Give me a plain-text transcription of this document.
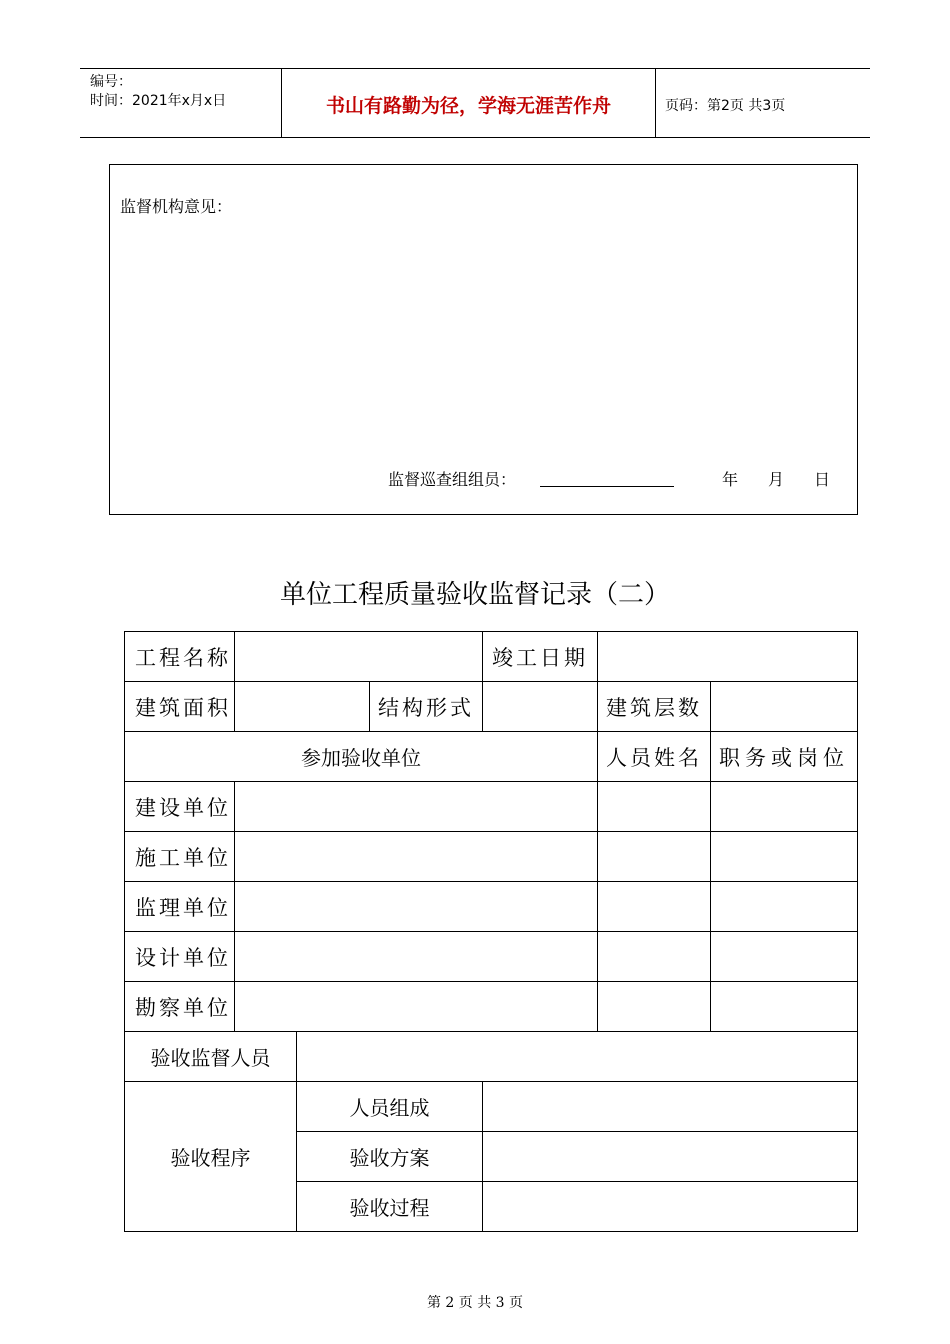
编号：
时间：2021年x月x日	书山有路勤为径，学海无涯苦作舟	页码：第2页 共3页
监督机构意见：
监督巡查组组员：	年 月 日
单位工程质量验收监督记录（二）
工程名称				竣工日期		
建筑面积			结构形式		建筑层数	
参加验收单位					人员姓名	职务或岗位
建设单位						
施工单位						
监理单位						
设计单位						
勘察单位						
验收监督人员						
验收程序		人员组成				
		验收方案				
		验收过程				
第 2 页 共 3 页
